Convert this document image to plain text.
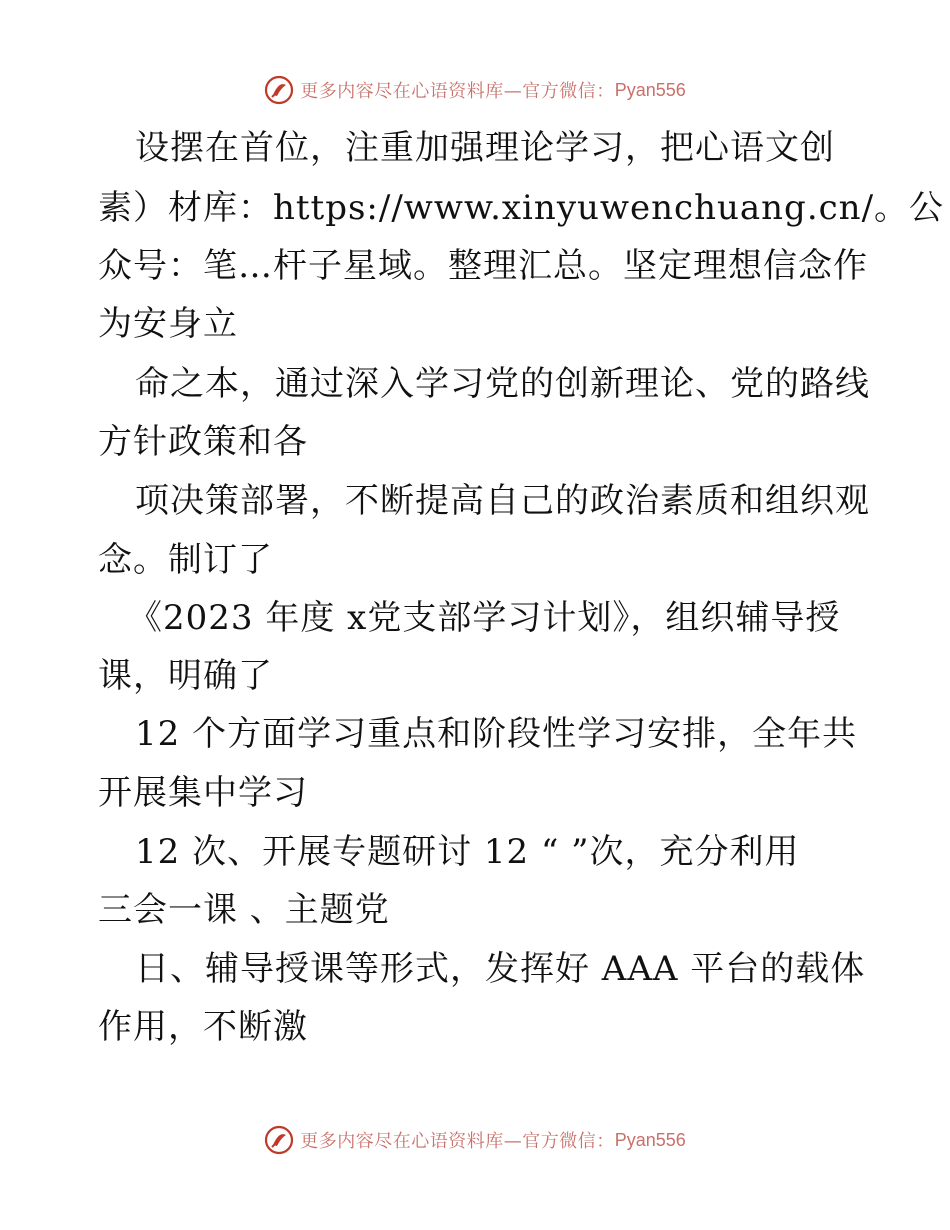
更多内容尽在心语资料库—官方微信： Pyan556
设摆在首位，注重加强理论学习，把心语文创
素）材库：https://www.xinyuwenchuang.cn/。公
众号：笔…杆子星域。整理汇总。坚定理想信念作
为安身立
命之本，通过深入学习党的创新理论、党的路线
方针政策和各
项决策部署，不断提高自己的政治素质和组织观
念。制订了
《2023 年度 x党支部学习计划》，组织辅导授
课，明确了
12 个方面学习重点和阶段性学习安排，全年共
开展集中学习
12 次、开展专题研讨 12 “ ”次，充分利用
三会一课 、主题党
日、辅导授课等形式，发挥好 AAA 平台的载体
作用，不断激
更多内容尽在心语资料库—官方微信： Pyan556
